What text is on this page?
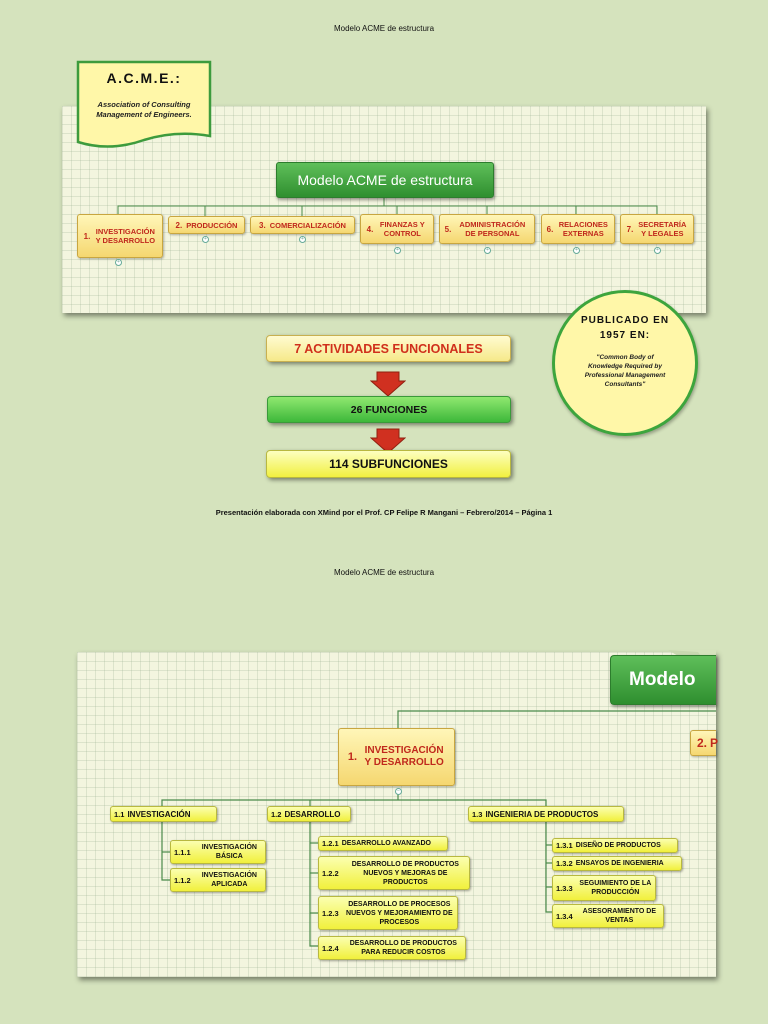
Modelo ACME de estructura
A.C.M.E.:
Association of Consulting Management of Engineers.
Modelo ACME de estructura
1. INVESTIGACIÓN Y DESARROLLO
2. PRODUCCIÓN	3. COMERCIALIZACIÓN	4. FINANZAS Y CONTROL	5.	ADMINISTRACIÓN DE PERSONAL	6. RELACIONES EXTERNAS	7. SECRETARÍA Y LEGALES
+
+	+
+	+	+	+
PUBLICADO EN 1957 EN:
"Common Body of Knowledge Required by Professional Management Consultants"
7 ACTIVIDADES FUNCIONALES
26 FUNCIONES
114 SUBFUNCIONES
Presentación elaborada con XMind por el Prof. CP Felipe R Mangani – Febrero/2014 – Página 1
Modelo ACME de estructura
Modelo
2. P
1.
INVESTIGACIÓN Y DESARROLLO
−
1.1 INVESTIGACIÓN	1.2 DESARROLLO	1.3 INGENIERIA DE PRODUCTOS
1.1.1	INVESTIGACIÓN BÁSICA
1.1.2	INVESTIGACIÓN APLICADA
1.2.1 DESARROLLO AVANZADO
1.2.2
DESARROLLO DE PRODUCTOS NUEVOS Y MEJORAS DE PRODUCTOS
1.2.3
DESARROLLO DE PROCESOS NUEVOS Y MEJORAMIENTO DE PROCESOS
1.2.4	DESARROLLO DE PRODUCTOS PARA REDUCIR COSTOS
1.3.1 DISEÑO DE PRODUCTOS
1.3.2 ENSAYOS DE INGENIERIA
1.3.3 SEGUIMIENTO DE LA PRODUCCIÓN
1.3.4	ASESORAMIENTO DE VENTAS
